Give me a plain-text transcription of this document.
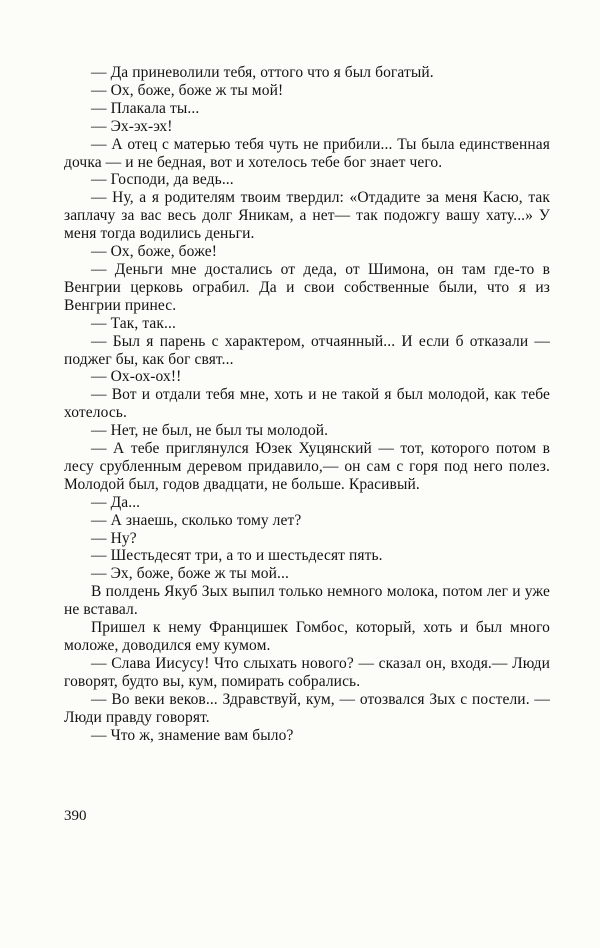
— Да приневолили тебя, оттого что я был богатый.

— Ох, боже, боже ж ты мой!

— Плакала ты...

— Эх-эх-эх!

— А отец с матерью тебя чуть не прибили... Ты была единственная дочка — и не бедная, вот и хотелось тебе бог знает чего.

— Господи, да ведь...

— Ну, а я родителям твоим твердил: «Отдадите за меня Касю, так заплачу за вас весь долг Яникам, а нет— так подожгу вашу хату...» У меня тогда водились деньги.

— Ох, боже, боже!

— Деньги мне достались от деда, от Шимона, он там где-то в Венгрии церковь ограбил. Да и свои собственные были, что я из Венгрии принес.

— Так, так...

— Был я парень с характером, отчаянный... И если б отказали — поджег бы, как бог свят...

— Ох-ох-ох!!

— Вот и отдали тебя мне, хоть и не такой я был молодой, как тебе хотелось.

— Нет, не был, не был ты молодой.

— А тебе приглянулся Юзек Хуцянский — тот, которого потом в лесу срубленным деревом придавило,— он сам с горя под него полез. Молодой был, годов двадцати, не больше. Красивый.

— Да...

— А знаешь, сколько тому лет?

— Ну?

— Шестьдесят три, а то и шестьдесят пять.

— Эх, боже, боже ж ты мой...

В полдень Якуб Зых выпил только немного молока, потом лег и уже не вставал.

Пришел к нему Францишек Гомбос, который, хоть и был много моложе, доводился ему кумом.

— Слава Иисусу! Что слыхать нового? — сказал он, входя.— Люди говорят, будто вы, кум, помирать собрались.

— Во веки веков... Здравствуй, кум, — отозвался Зых с постели. — Люди правду говорят.

— Что ж, знамение вам было?

390
